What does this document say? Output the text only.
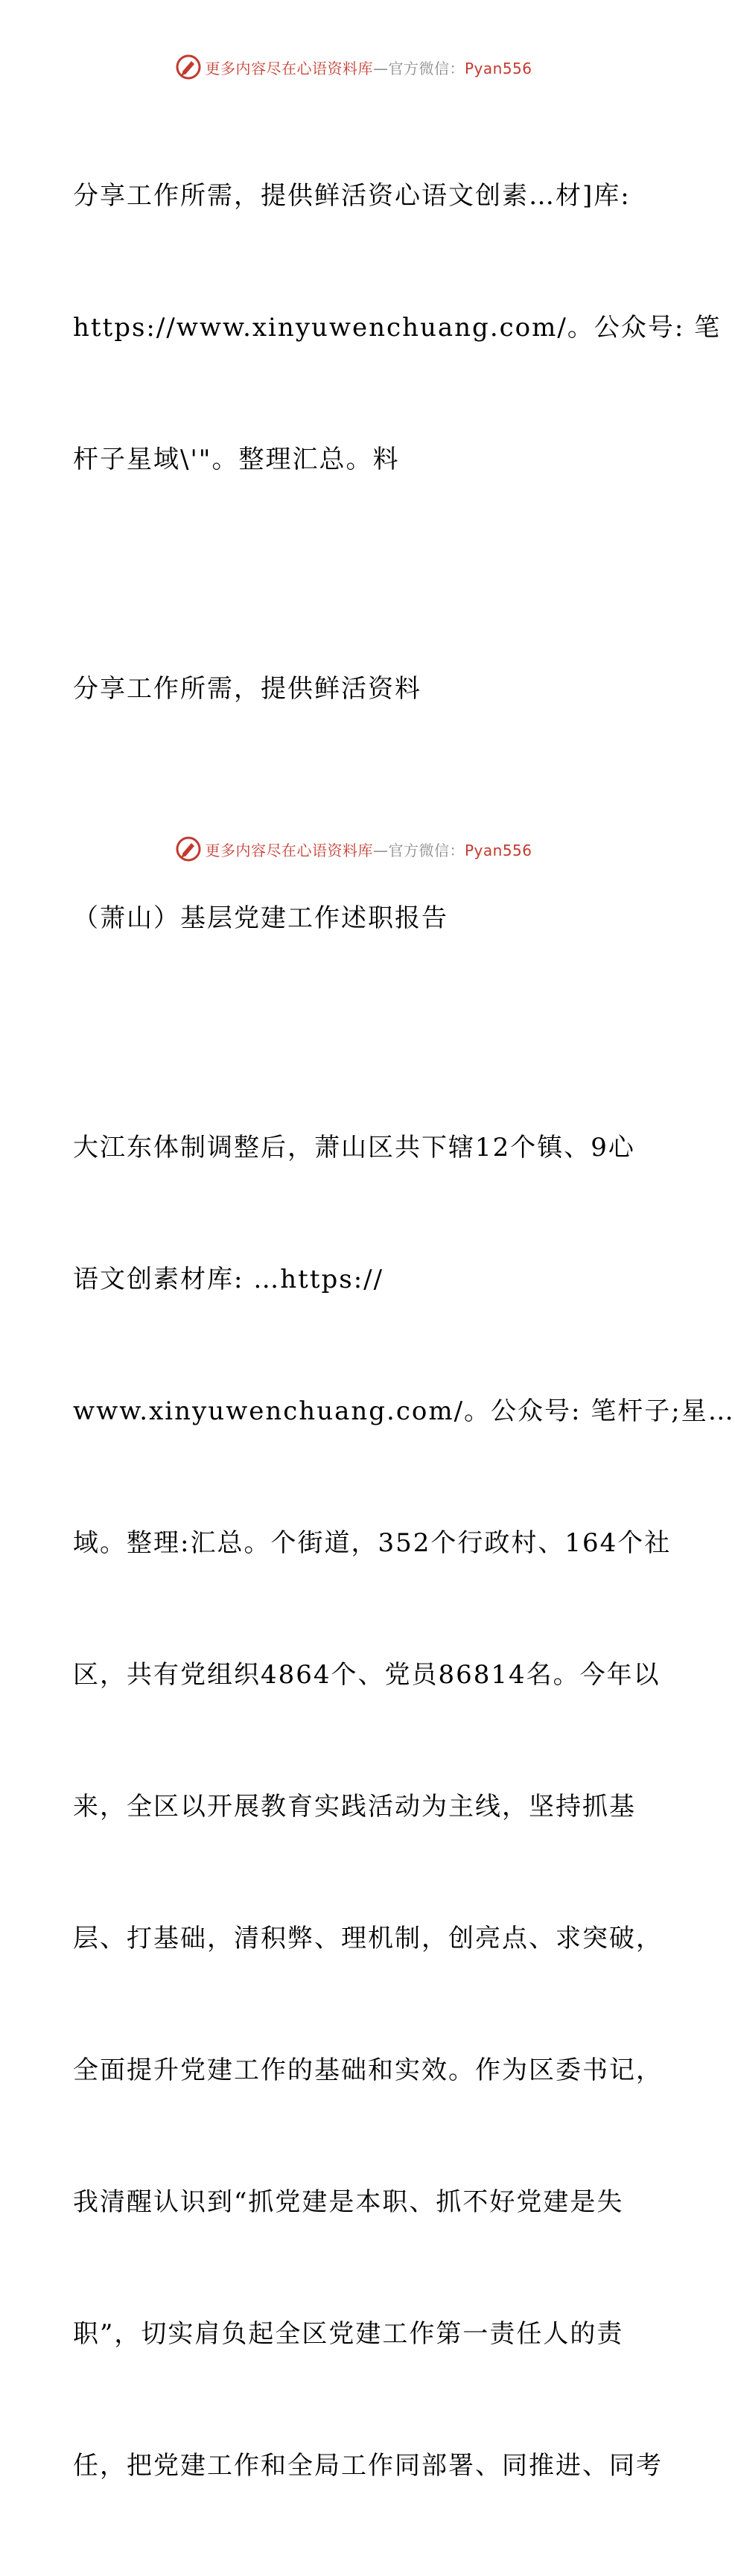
更多内容尽在心语资料库—官方微信：Pyan556

分享工作所需，提供鲜活资心语文创素…材]库:

https://www.xinyuwenchuang.com/。公众号: 笔

杆子星域\'"。整理汇总。料

分享工作所需，提供鲜活资料

（萧山）基层党建工作述职报告

大江东体制调整后，萧山区共下辖12个镇、9心

语文创素材库: …https://

www.xinyuwenchuang.com/。公众号: 笔杆子;星…

域。整理:汇总。个街道，352个行政村、164个社

区，共有党组织4864个、党员86814名。今年以

来，全区以开展教育实践活动为主线，坚持抓基

层、打基础，清积弊、理机制，创亮点、求突破，

全面提升党建工作的基础和实效。作为区委书记，

我清醒认识到“抓党建是本职、抓不好党建是失

职”，切实肩负起全区党建工作第一责任人的责

任，把党建工作和全局工作同部署、同推进、同考

更多内容尽在心语资料库—官方微信：Pyan556
